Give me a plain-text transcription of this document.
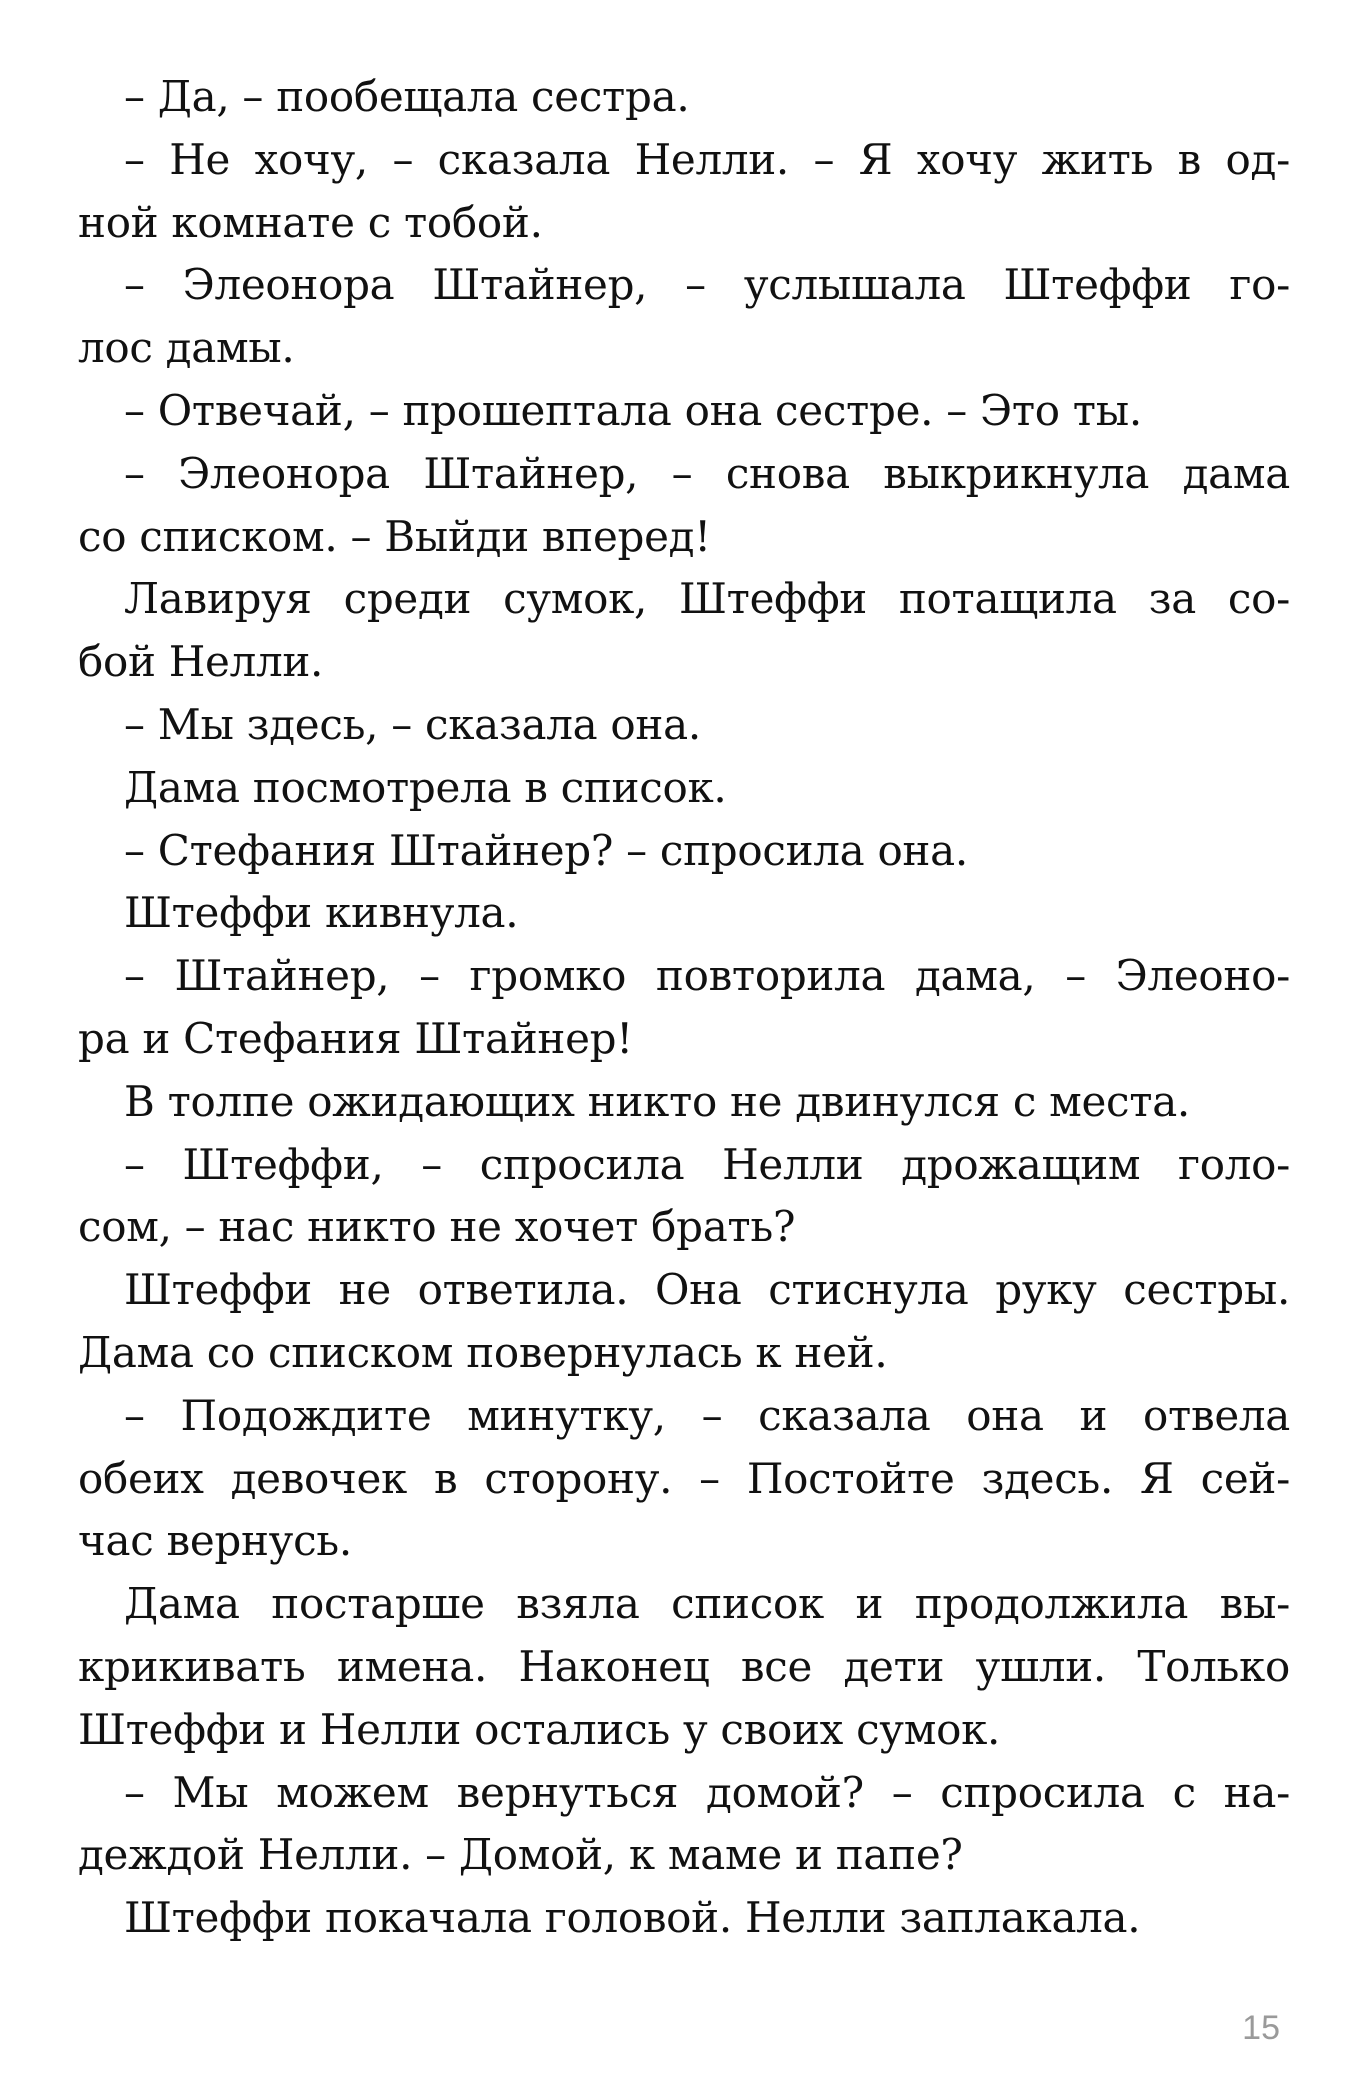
– Да, – пообещала сестра.
– Не хочу, – сказала Нелли. – Я хочу жить в од-
ной комнате с тобой.
– Элеонора Штайнер, – услышала Штеффи го-
лос дамы.
– Отвечай, – прошептала она сестре. – Это ты.
– Элеонора Штайнер, – снова выкрикнула дама
со списком. – Выйди вперед!
Лавируя среди сумок, Штеффи потащила за со-
бой Нелли.
– Мы здесь, – сказала она.
Дама посмотрела в список.
– Стефания Штайнер? – спросила она.
Штеффи кивнула.
– Штайнер, – громко повторила дама, – Элеоно-
ра и Стефания Штайнер!
В толпе ожидающих никто не двинулся с места.
– Штеффи, – спросила Нелли дрожащим голо-
сом, – нас никто не хочет брать?
Штеффи не ответила. Она стиснула руку сестры.
Дама со списком повернулась к ней.
– Подождите минутку, – сказала она и отвела
обеих девочек в сторону. – Постойте здесь. Я сей-
час вернусь.
Дама постарше взяла список и продолжила вы-
крикивать имена. Наконец все дети ушли. Только
Штеффи и Нелли остались у своих сумок.
– Мы можем вернуться домой? – спросила с на-
деждой Нелли. – Домой, к маме и папе?
Штеффи покачала головой. Нелли заплакала.
15
